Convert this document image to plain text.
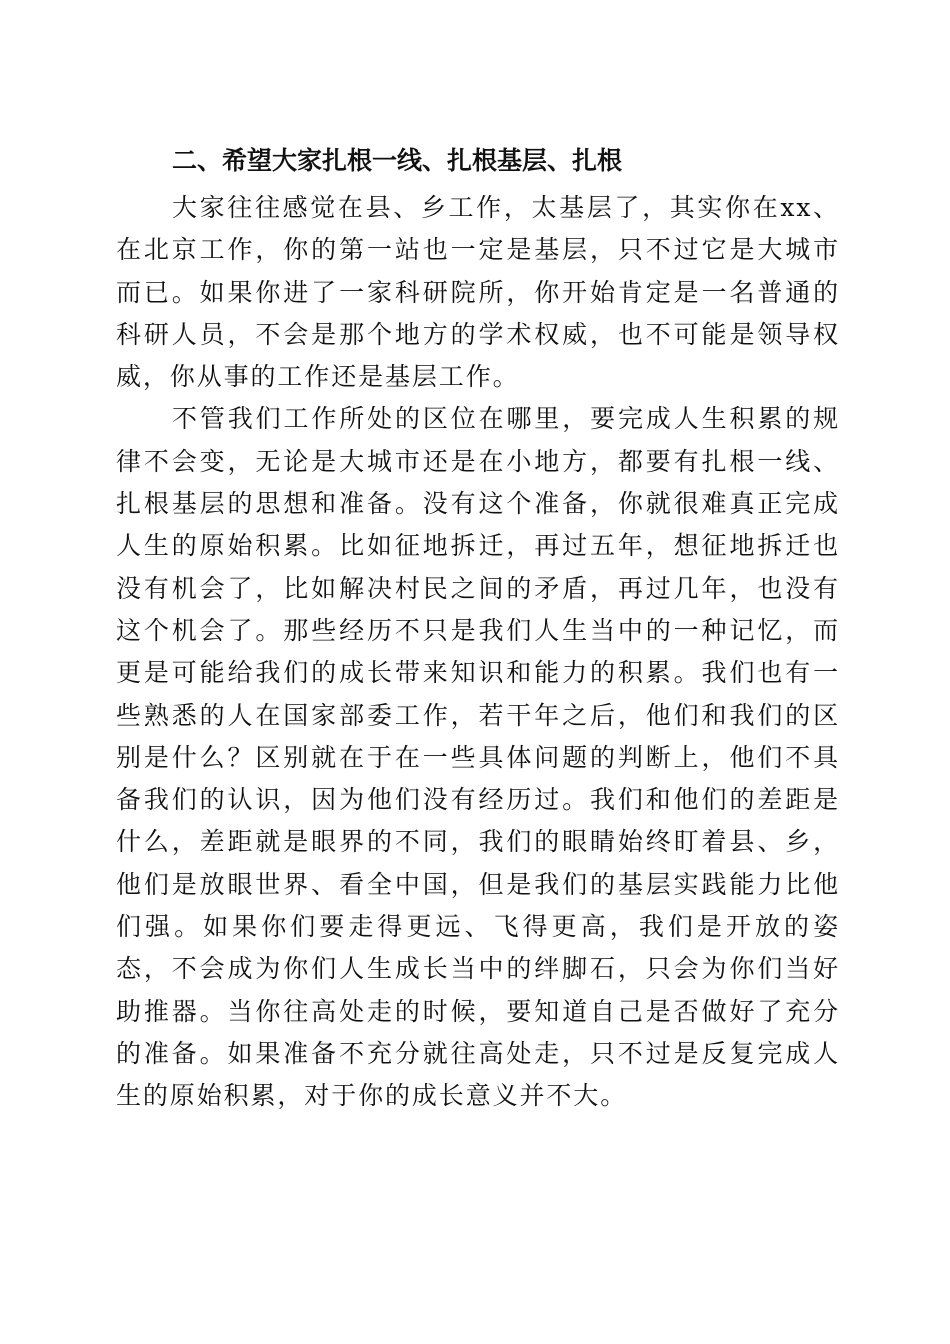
二、希望大家扎根一线、扎根基层、扎根

大家往往感觉在县、乡工作，太基层了，其实你在xx、在北京工作，你的第一站也一定是基层，只不过它是大城市而已。如果你进了一家科研院所，你开始肯定是一名普通的科研人员，不会是那个地方的学术权威，也不可能是领导权威，你从事的工作还是基层工作。

不管我们工作所处的区位在哪里，要完成人生积累的规律不会变，无论是大城市还是在小地方，都要有扎根一线、扎根基层的思想和准备。没有这个准备，你就很难真正完成人生的原始积累。比如征地拆迁，再过五年，想征地拆迁也没有机会了，比如解决村民之间的矛盾，再过几年，也没有这个机会了。那些经历不只是我们人生当中的一种记忆，而更是可能给我们的成长带来知识和能力的积累。我们也有一些熟悉的人在国家部委工作，若干年之后，他们和我们的区别是什么？区别就在于在一些具体问题的判断上，他们不具备我们的认识，因为他们没有经历过。我们和他们的差距是什么，差距就是眼界的不同，我们的眼睛始终盯着县、乡，他们是放眼世界、看全中国，但是我们的基层实践能力比他们强。如果你们要走得更远、飞得更高，我们是开放的姿态，不会成为你们人生成长当中的绊脚石，只会为你们当好助推器。当你往高处走的时候，要知道自己是否做好了充分的准备。如果准备不充分就往高处走，只不过是反复完成人生的原始积累，对于你的成长意义并不大。
